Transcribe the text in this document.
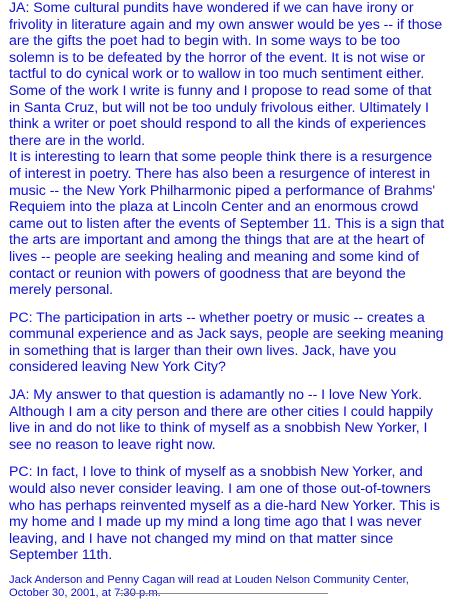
JA: Some cultural pundits have wondered if we can have irony or frivolity in literature again and my own answer would be yes -- if those are the gifts the poet had to begin with. In some ways to be too solemn is to be defeated by the horror of the event. It is not wise or tactful to do cynical work or to wallow in too much sentiment either. Some of the work I write is funny and I propose to read some of that in Santa Cruz, but will not be too unduly frivolous either. Ultimately I think a writer or poet should respond to all the kinds of experiences there are in the world.

It is interesting to learn that some people think there is a resurgence of interest in poetry. There has also been a resurgence of interest in music -- the New York Philharmonic piped a performance of Brahms' Requiem into the plaza at Lincoln Center and an enormous crowd came out to listen after the events of September 11. This is a sign that the arts are important and among the things that are at the heart of lives -- people are seeking healing and meaning and some kind of contact or reunion with powers of goodness that are beyond the merely personal.

PC: The participation in arts -- whether poetry or music -- creates a communal experience and as Jack says, people are seeking meaning in something that is larger than their own lives. Jack, have you considered leaving New York City?

JA: My answer to that question is adamantly no -- I love New York. Although I am a city person and there are other cities I could happily live in and do not like to think of myself as a snobbish New Yorker, I see no reason to leave right now.

PC: In fact, I love to think of myself as a snobbish New Yorker, and would also never consider leaving. I am one of those out-of-towners who has perhaps reinvented myself as a die-hard New Yorker. This is my home and I made up my mind a long time ago that I was never leaving, and I have not changed my mind on that matter since September 11th.

Jack Anderson and Penny Cagan will read at Louden Nelson Community Center, October 30, 2001, at 7:30 p.m.
